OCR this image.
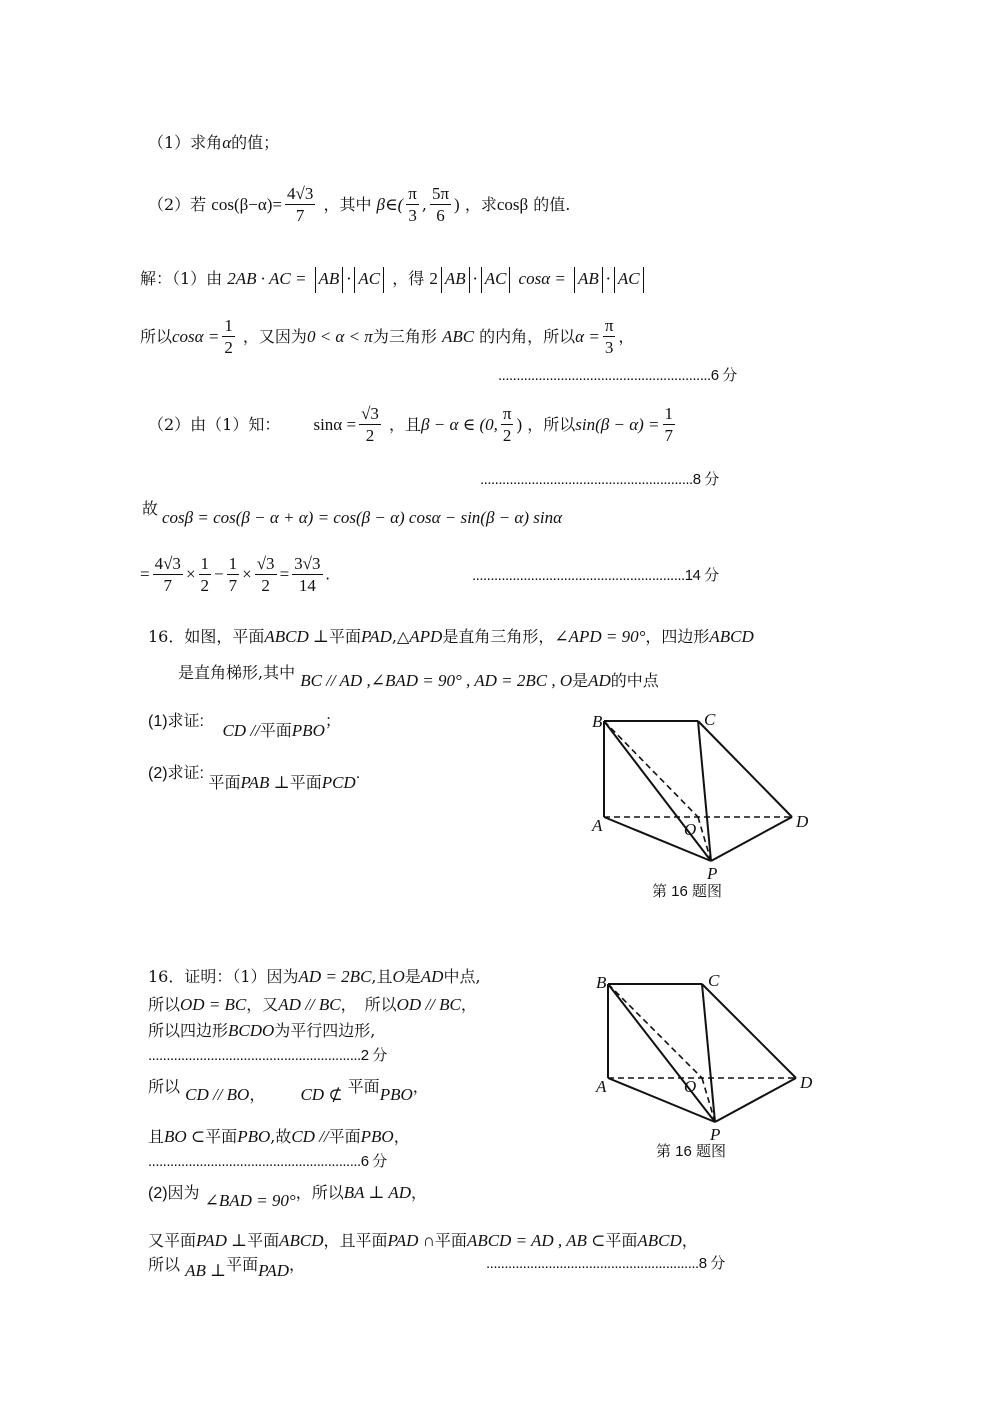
（1）求角α的值；
（2）若 $\cos(\beta-\alpha)= \frac{4√3}{7}$ ，其中 β∈( $\frac{\pi}{3}$ , $\frac{5\pi}{6}$ ) ，求cosβ 的值.
解：（1）由 2AB · AC = AB · AC ，得 2 AB · AC cosα = AB · AC
所以$\cos\alpha = \frac{1}{2}$ ，又因为0 < α < π为三角形 ABC 的内角，所以$\alpha = \frac{\pi}{3}$ ，
..........................................................6 分
（2）由（1）知： $\sin\alpha = \frac{√3}{2}$ ，且β − α ∈ (0, $\frac{\pi}{2}$ ) ，所以$\sin(\beta - \alpha) = \frac{1}{7}$
..........................................................8 分
故 cosβ = cos(β − α + α) = cos(β − α) cosα − sin(β − α) sinα
= $\frac{4√3}{7} \times \frac{1}{2} - \frac{1}{7} \times \frac{√3}{2} = \frac{3√3}{14}$ .	..........................................................14 分
16．如图，平面ABCD ⊥平面PAD,△APD是直角三角形，∠APD = 90°，四边形ABCD
是直角梯形,其中 BC // AD ,∠BAD = 90° , AD = 2BC , O是AD的中点
(1)求证: CD //平面PBO；
(2)求证: 平面PAB ⊥平面PCD.
B	C
A	O	D
P
第 16 题图
16．证明：（1）因为AD = 2BC,且O是AD中点,
所以OD = BC，又AD // BC，　所以OD // BC，
所以四边形BCDO为平行四边形,
..........................................................2 分
所以 CD // BO， CD ⊄ 平面PBO，
且BO ⊂平面PBO,故CD //平面PBO，
..........................................................6 分
(2)因为 ∠BAD = 90°，所以BA ⊥ AD，
又平面PAD ⊥平面ABCD，且平面PAD ∩平面ABCD = AD , AB ⊂平面ABCD，
所以 AB ⊥平面PAD，	..........................................................8 分
B	C
A	O	D
P
第 16 题图
